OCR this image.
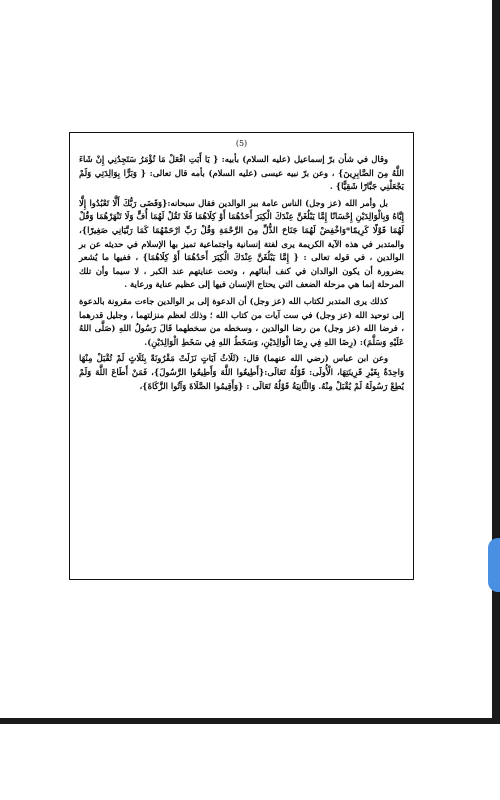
(5)

وقال في شأن برّ إسماعيل (عليه السلام) بأبيه: { يَا أَبَتِ افْعَلْ مَا تُؤْمَرُ سَتَجِدُنِي إِنْ شَاءَ اللَّهُ مِنَ الصَّابِرِينَ} ، وعن برّ نبيه عيسى (عليه السلام) بأمه قال تعالى: { وَبَرًّا بِوَالِدَتِي وَلَمْ يَجْعَلْنِي جَبَّارًا شَقِيًّا} .

بل وأمر الله (عز وجل) الناس عامة ببر الوالدين فقال سبحانه:{وَقَضَى رَبُّكَ أَلَّا تَعْبُدُوا إِلَّا إِيَّاهُ وَبِالْوَالِدَيْنِ إِحْسَانًا إِمَّا يَبْلُغَنَّ عِنْدَكَ الْكِبَرَ أَحَدُهُمَا أَوْ كِلَاهُمَا فَلَا تَقُلْ لَهُمَا أُفٍّ وَلَا تَنْهَرْهُمَا وَقُلْ لَهُمَا قَوْلًا كَرِيمًا*وَاخْفِضْ لَهُمَا جَنَاحَ الذُّلِّ مِنَ الرَّحْمَةِ وَقُلْ رَبِّ ارْحَمْهُمَا كَمَا رَبَّيَانِي صَغِيرًا}، والمتدبر في هذه الآية الكريمة يرى لفتة إنسانية واجتماعية تميز بها الإسلام في حديثه عن بر الوالدين ، في قوله تعالى : { إِمَّا يَبْلُغَنَّ عِنْدَكَ الْكِبَرَ أَحَدُهُمَا أَوْ كِلَاهُمَا} ، ففيها ما يُشعر بضرورة أن يكون الوالدان في كنف أبنائهم ، وتحت عنايتهم عند الكبر ، لا سيما وأن تلك المرحلة إنما هي مرحلة الضعف التي يحتاج الإنسان فيها إلى عظيم عناية ورعاية .

كذلك يرى المتدبر لكتاب الله (عز وجل) أن الدعوة إلى بر الوالدين جاءت مقرونة بالدعوة إلى توحيد الله (عز وجل) في ست آيات من كتاب الله ؛ وذلك لعظم منزلتهما ، وجليل قدرهما ، فرضا الله (عز وجل) من رضا الوالدين ، وسخطه من سخطهما قَالَ رَسُولُ اللهِ (صَلَّى اللهُ عَلَيْهِ وَسَلَّمَ): (رِضَا اللهِ فِي رِضَا الْوَالِدَيْنِ، وَسَخَطُ اللهِ فِي سَخَطِ الْوَالِدَيْنِ).

وعن ابن عباس (رضي الله عنهما) قال: (ثَلَاثُ آيَاتٍ نَزَلَتْ مَقْرُونَةً بِثَلَاثٍ لَمْ تُقْبَلْ مِنْهَا وَاحِدَةٌ بِغَيْرِ قَرِينَتِهَا، الْأُولَى: قَوْلُهُ تَعَالَى:{أَطِيعُوا اللَّهَ وَأَطِيعُوا الرَّسُولَ}، فَمَنْ أَطَاعَ اللَّهَ وَلَمْ يُطِعْ رَسُولَهُ لَمْ يُقْبَلْ مِنْهُ. وَالثَّانِيَةُ قَوْلُهُ تَعَالَى : {وَأَقِيمُوا الصَّلَاةَ وَآتُوا الزَّكَاةَ}،
